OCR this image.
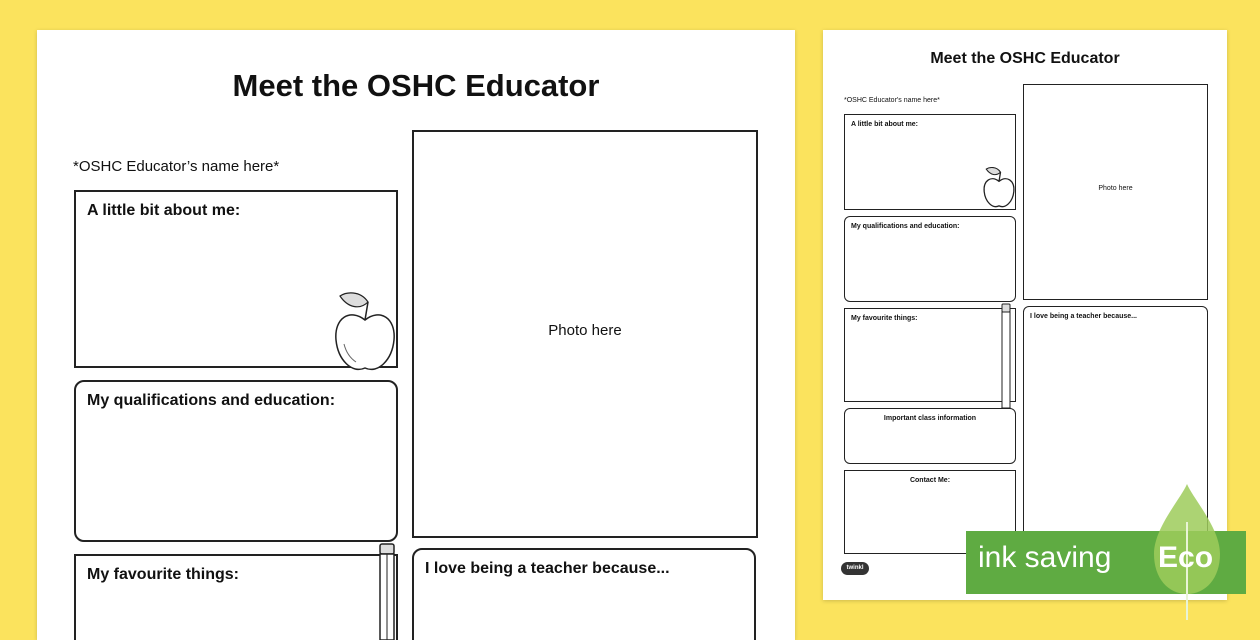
Meet the OSHC Educator
*OSHC Educator’s name here*
A little bit about me:
Photo here
My qualifications and education:
My favourite things:	I love being a teacher because...
Meet the OSHC Educator
*OSHC Educator's name here*
A little bit about me:
Photo here
My qualifications and education:
My favourite things:
Important class information
Contact Me:
I love being a teacher because...
twinkl	ink saving Eco
